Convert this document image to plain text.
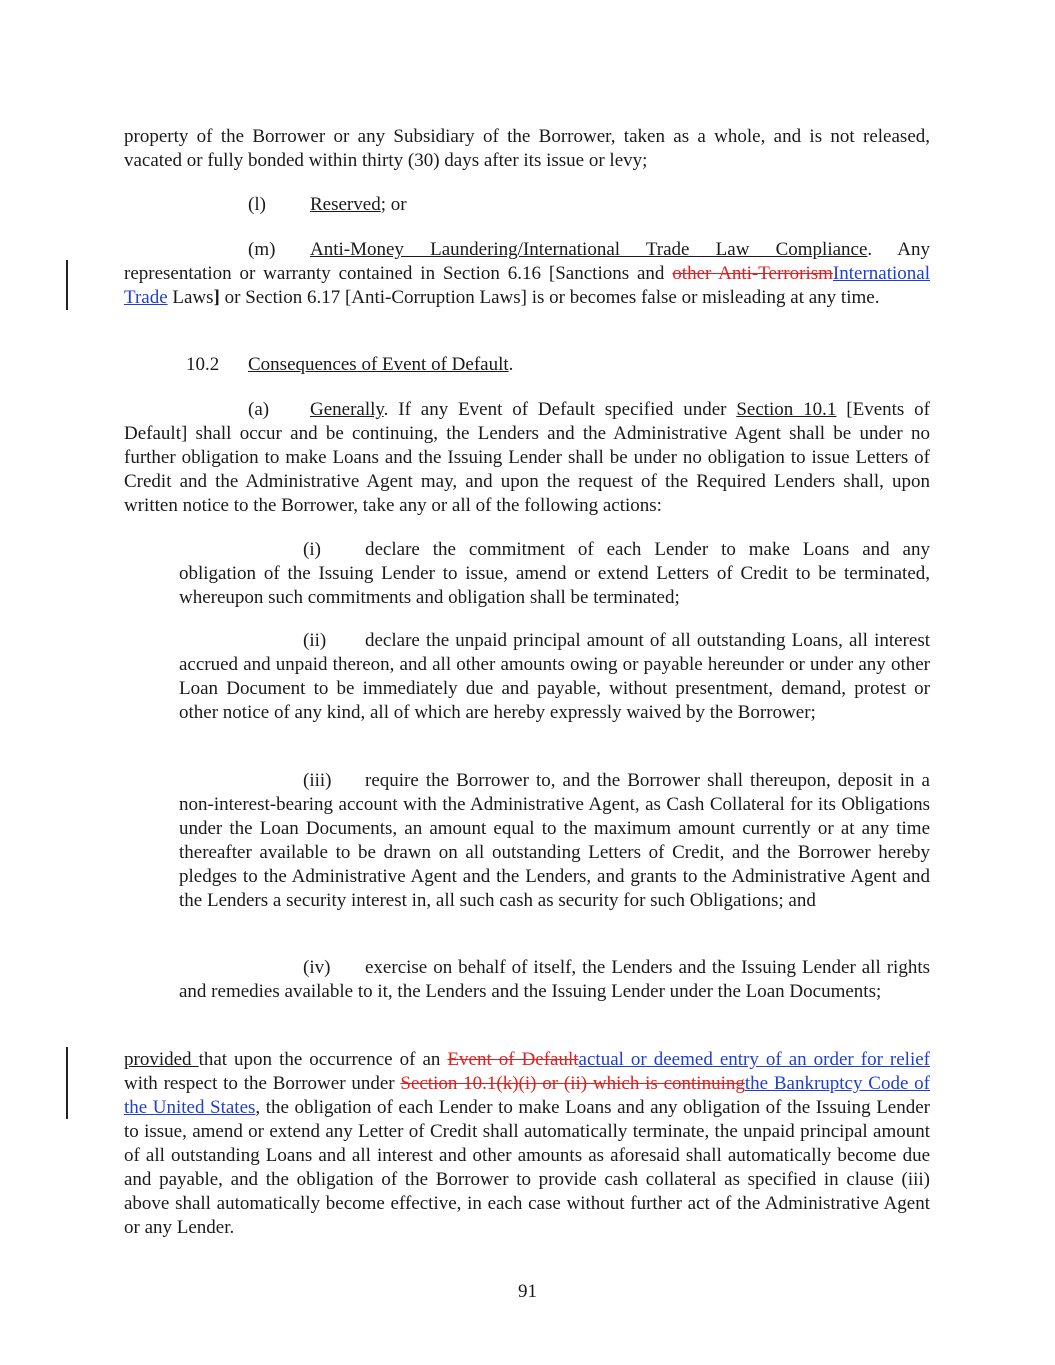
property of the Borrower or any Subsidiary of the Borrower, taken as a whole, and is not released,
vacated or fully bonded within thirty (30) days after its issue or levy;

(l) Reserved; or

(m) Anti-Money Laundering/International Trade Law Compliance. Any representation or warranty contained in Section 6.16 [Sanctions and other Anti-TerrorismInternational Trade Laws] or Section 6.17 [Anti-Corruption Laws] is or becomes false or misleading at any time.

10.2 Consequences of Event of Default.

(a) Generally. If any Event of Default specified under Section 10.1 [Events of Default] shall occur and be continuing, the Lenders and the Administrative Agent shall be under no further obligation to make Loans and the Issuing Lender shall be under no obligation to issue Letters of Credit and the Administrative Agent may, and upon the request of the Required Lenders shall, upon written notice to the Borrower, take any or all of the following actions:

(i) declare the commitment of each Lender to make Loans and any obligation of the Issuing Lender to issue, amend or extend Letters of Credit to be terminated, whereupon such commitments and obligation shall be terminated;

(ii) declare the unpaid principal amount of all outstanding Loans, all interest accrued and unpaid thereon, and all other amounts owing or payable hereunder or under any other Loan Document to be immediately due and payable, without presentment, demand, protest or other notice of any kind, all of which are hereby expressly waived by the Borrower;

(iii) require the Borrower to, and the Borrower shall thereupon, deposit in a non-interest-bearing account with the Administrative Agent, as Cash Collateral for its Obligations under the Loan Documents, an amount equal to the maximum amount currently or at any time thereafter available to be drawn on all outstanding Letters of Credit, and the Borrower hereby pledges to the Administrative Agent and the Lenders, and grants to the Administrative Agent and the Lenders a security interest in, all such cash as security for such Obligations; and

(iv) exercise on behalf of itself, the Lenders and the Issuing Lender all rights and remedies available to it, the Lenders and the Issuing Lender under the Loan Documents;

provided that upon the occurrence of an Event of Defaultactual or deemed entry of an order for relief with respect to the Borrower under Section 10.1(k)(i) or (ii) which is continuingthe Bankruptcy Code of the United States, the obligation of each Lender to make Loans and any obligation of the Issuing Lender to issue, amend or extend any Letter of Credit shall automatically terminate, the unpaid principal amount of all outstanding Loans and all interest and other amounts as aforesaid shall automatically become due and payable, and the obligation of the Borrower to provide cash collateral as specified in clause (iii) above shall automatically become effective, in each case without further act of the Administrative Agent or any Lender.

91
